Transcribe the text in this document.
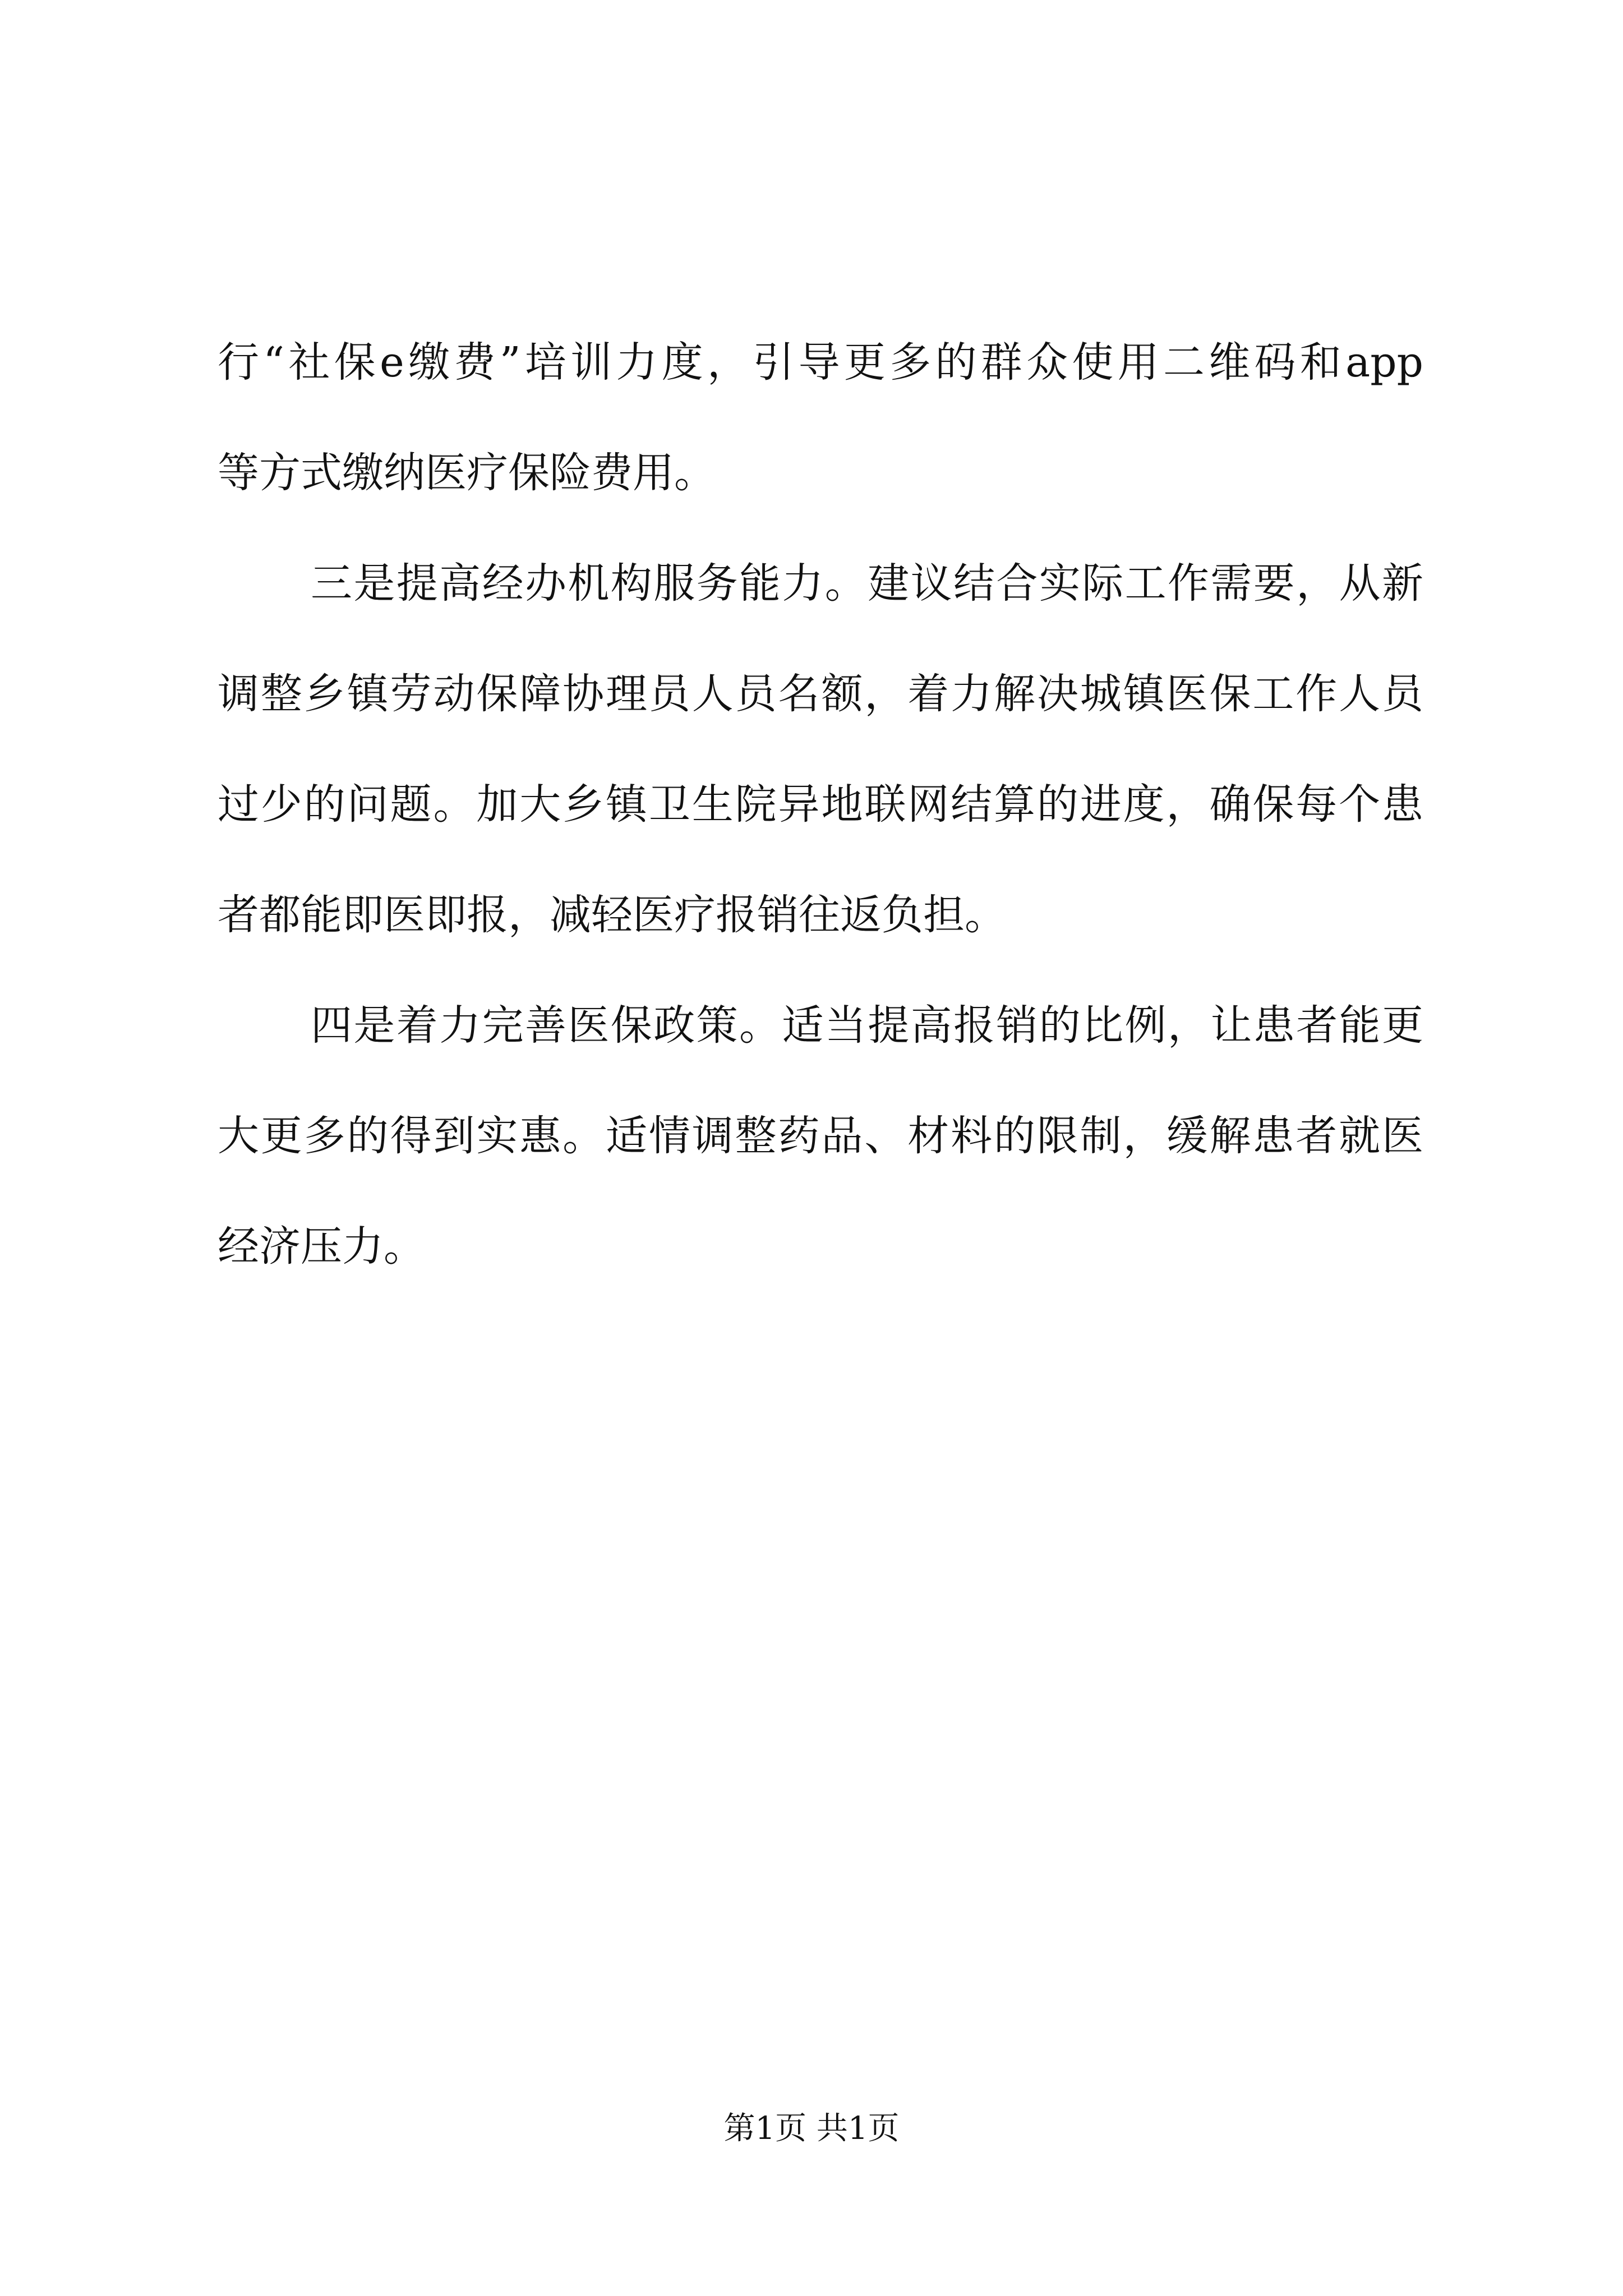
行“社保e缴费”培训力度，引导更多的群众使用二维码和app
等方式缴纳医疗保险费用。
三是提高经办机构服务能力。建议结合实际工作需要，从新
调整乡镇劳动保障协理员人员名额，着力解决城镇医保工作人员
过少的问题。加大乡镇卫生院异地联网结算的进度，确保每个患
者都能即医即报，减轻医疗报销往返负担。
四是着力完善医保政策。适当提高报销的比例，让患者能更
大更多的得到实惠。适情调整药品、材料的限制，缓解患者就医
经济压力。
第1页 共1页
